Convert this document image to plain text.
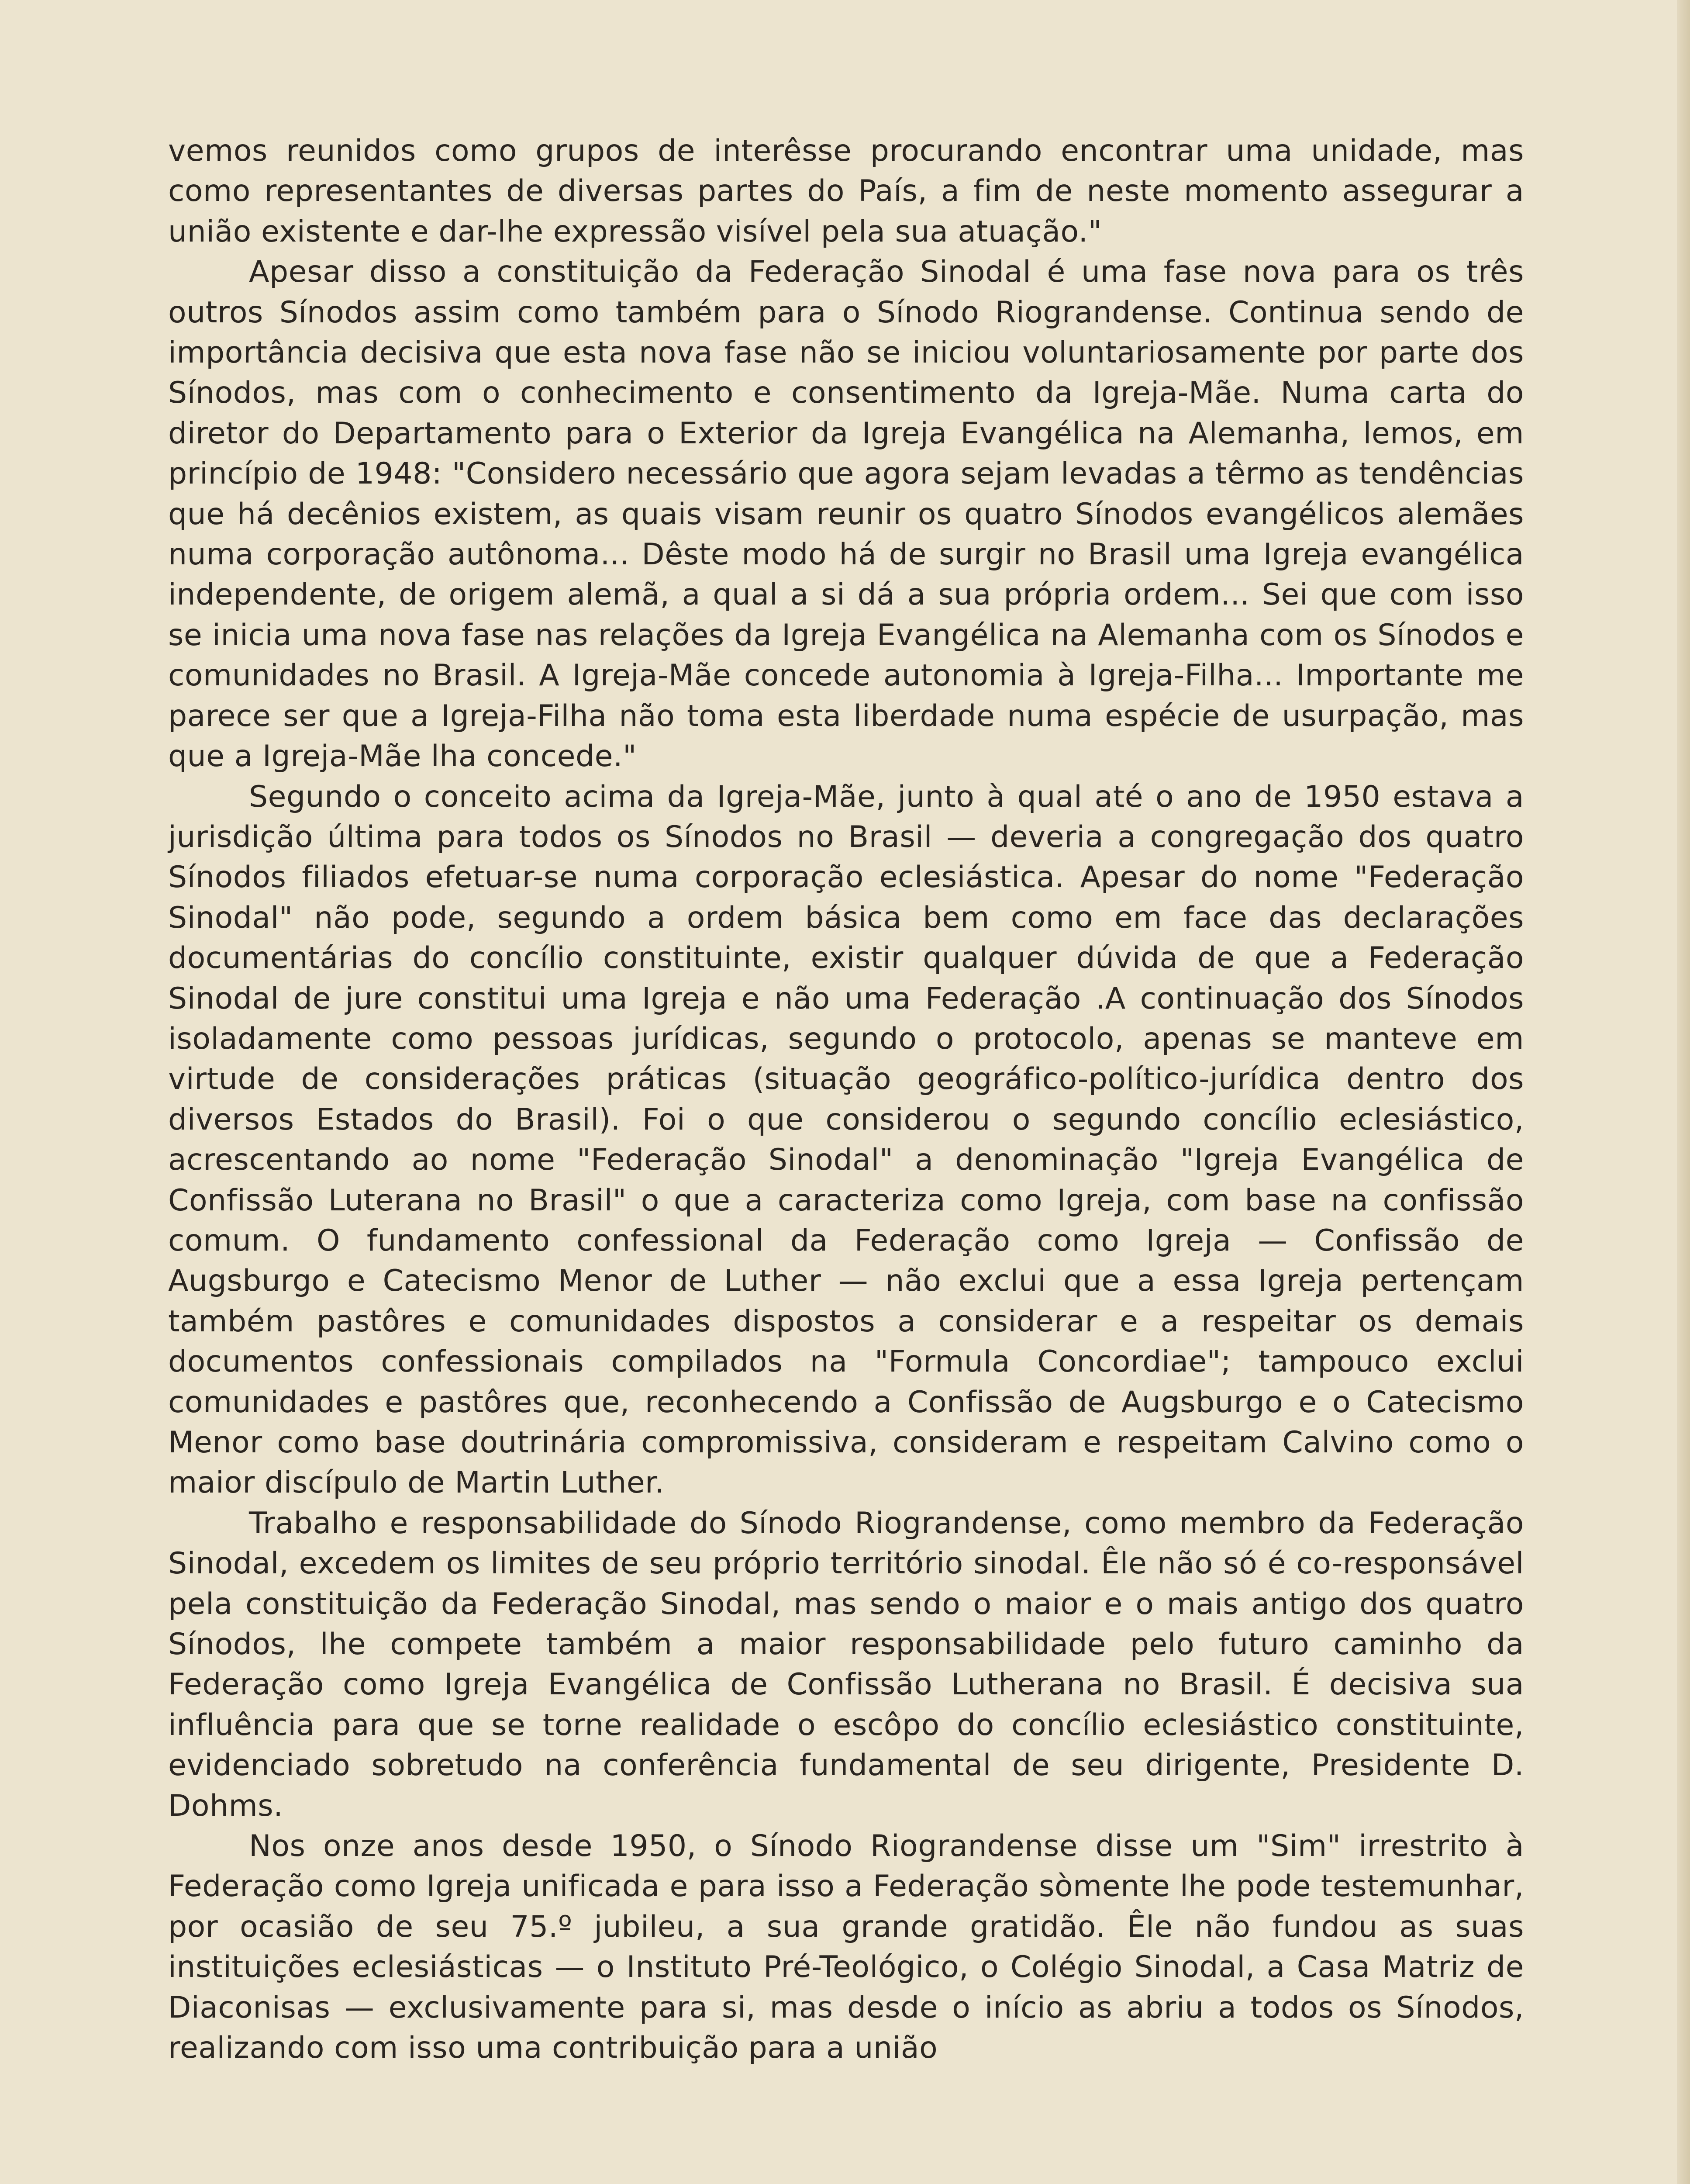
vemos reunidos como grupos de interêsse procurando encontrar uma unidade, mas como representantes de diversas partes do País, a fim de neste momento assegurar a união existente e dar-lhe expressão visível pela sua atuação."

Apesar disso a constituição da Federação Sinodal é uma fase nova para os três outros Sínodos assim como também para o Sínodo Riograndense. Continua sendo de importância decisiva que esta nova fase não se iniciou voluntariosamente por parte dos Sínodos, mas com o conhecimento e consentimento da Igreja-Mãe. Numa carta do diretor do Departamento para o Exterior da Igreja Evangélica na Alemanha, lemos, em princípio de 1948: "Considero necessário que agora sejam levadas a têrmo as tendências que há decênios existem, as quais visam reunir os quatro Sínodos evangélicos alemães numa corporação autônoma... Dêste modo há de surgir no Brasil uma Igreja evangélica independente, de origem alemã, a qual a si dá a sua própria ordem... Sei que com isso se inicia uma nova fase nas relações da Igreja Evangélica na Alemanha com os Sínodos e comunidades no Brasil. A Igreja-Mãe concede autonomia à Igreja-Filha... Importante me parece ser que a Igreja-Filha não toma esta liberdade numa espécie de usurpação, mas que a Igreja-Mãe lha concede."

Segundo o conceito acima da Igreja-Mãe, junto à qual até o ano de 1950 estava a jurisdição última para todos os Sínodos no Brasil — deveria a congregação dos quatro Sínodos filiados efetuar-se numa corporação eclesiástica. Apesar do nome "Federação Sinodal" não pode, segundo a ordem básica bem como em face das declarações documentárias do concílio constituinte, existir qualquer dúvida de que a Federação Sinodal de jure constitui uma Igreja e não uma Federação .A continuação dos Sínodos isoladamente como pessoas jurídicas, segundo o protocolo, apenas se manteve em virtude de considerações práticas (situação geográfico-político-jurídica dentro dos diversos Estados do Brasil). Foi o que considerou o segundo concílio eclesiástico, acrescentando ao nome "Federação Sinodal" a denominação "Igreja Evangélica de Confissão Luterana no Brasil" o que a caracteriza como Igreja, com base na confissão comum. O fundamento confessional da Federação como Igreja — Confissão de Augsburgo e Catecismo Menor de Luther — não exclui que a essa Igreja pertençam também pastôres e comunidades dispostos a considerar e a respeitar os demais documentos confessionais compilados na "Formula Concordiae"; tampouco exclui comunidades e pastôres que, reconhecendo a Confissão de Augsburgo e o Catecismo Menor como base doutrinária compromissiva, consideram e respeitam Calvino como o maior discípulo de Martin Luther.

Trabalho e responsabilidade do Sínodo Riograndense, como membro da Federação Sinodal, excedem os limites de seu próprio território sinodal. Êle não só é co-responsável pela constituição da Federação Sinodal, mas sendo o maior e o mais antigo dos quatro Sínodos, lhe compete também a maior responsabilidade pelo futuro caminho da Federação como Igreja Evangélica de Confissão Lutherana no Brasil. É decisiva sua influência para que se torne realidade o escôpo do concílio eclesiástico constituinte, evidenciado sobretudo na conferência fundamental de seu dirigente, Presidente D. Dohms.

Nos onze anos desde 1950, o Sínodo Riograndense disse um "Sim" irrestrito à Federação como Igreja unificada e para isso a Federação sòmente lhe pode testemunhar, por ocasião de seu 75.º jubileu, a sua grande gratidão. Êle não fundou as suas instituições eclesiásticas — o Instituto Pré-Teológico, o Colégio Sinodal, a Casa Matriz de Diaconisas — exclusivamente para si, mas desde o início as abriu a todos os Sínodos, realizando com isso uma contribuição para a união
